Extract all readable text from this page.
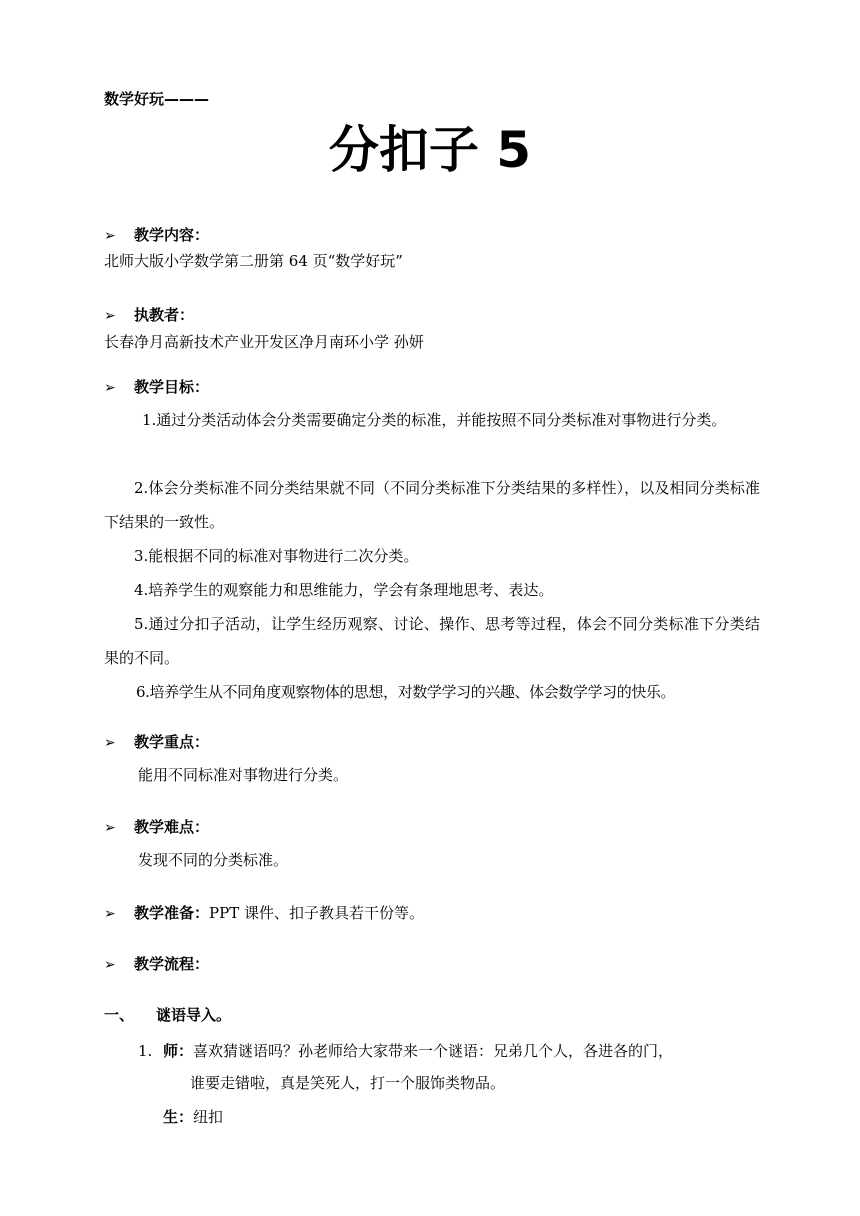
数学好玩———
分扣子 5
➢ 教学内容：
北师大版小学数学第二册第 64 页“数学好玩”
➢ 执教者：
长春净月高新技术产业开发区净月南环小学 孙妍
➢ 教学目标：
1.通过分类活动体会分类需要确定分类的标准，并能按照不同分类标准对事物进行分类。
2.体会分类标准不同分类结果就不同（不同分类标准下分类结果的多样性），以及相同分类标准下结果的一致性。
3.能根据不同的标准对事物进行二次分类。
4.培养学生的观察能力和思维能力，学会有条理地思考、表达。
5.通过分扣子活动，让学生经历观察、讨论、操作、思考等过程，体会不同分类标准下分类结果的不同。
6.培养学生从不同角度观察物体的思想，对数学学习的兴趣、体会数学学习的快乐。
➢ 教学重点：
能用不同标准对事物进行分类。
➢ 教学难点：
发现不同的分类标准。
➢ 教学准备：PPT 课件、扣子教具若干份等。
➢ 教学流程：
一、 谜语导入。
1. 师：喜欢猜谜语吗？孙老师给大家带来一个谜语：兄弟几个人，各进各的门，
谁要走错啦，真是笑死人，打一个服饰类物品。
生：纽扣
